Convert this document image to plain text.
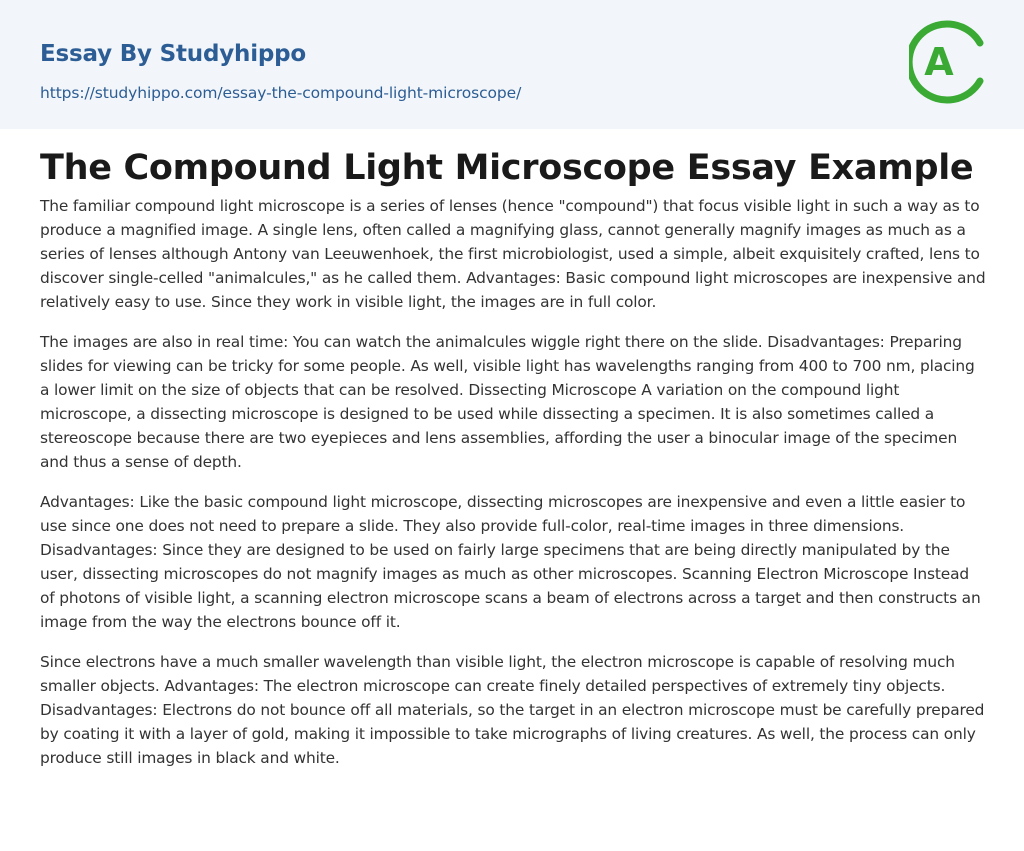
Essay By Studyhippo
https://studyhippo.com/essay-the-compound-light-microscope/
A
The Compound Light Microscope Essay Example

The familiar compound light microscope is a series of lenses (hence "compound") that focus visible light in such a way as to produce a magnified image. A single lens, often called a magnifying glass, cannot generally magnify images as much as a series of lenses although Antony van Leeuwenhoek, the first microbiologist, used a simple, albeit exquisitely crafted, lens to discover single-celled "animalcules," as he called them. Advantages: Basic compound light microscopes are inexpensive and relatively easy to use. Since they work in visible light, the images are in full color.

The images are also in real time: You can watch the animalcules wiggle right there on the slide. Disadvantages: Preparing slides for viewing can be tricky for some people. As well, visible light has wavelengths ranging from 400 to 700 nm, placing a lower limit on the size of objects that can be resolved. Dissecting Microscope A variation on the compound light microscope, a dissecting microscope is designed to be used while dissecting a specimen. It is also sometimes called a stereoscope because there are two eyepieces and lens assemblies, affording the user a binocular image of the specimen and thus a sense of depth.

Advantages: Like the basic compound light microscope, dissecting microscopes are inexpensive and even a little easier to use since one does not need to prepare a slide. They also provide full-color, real-time images in three dimensions. Disadvantages: Since they are designed to be used on fairly large specimens that are being directly manipulated by the user, dissecting microscopes do not magnify images as much as other microscopes. Scanning Electron Microscope Instead of photons of visible light, a scanning electron microscope scans a beam of electrons across a target and then constructs an image from the way the electrons bounce off it.

Since electrons have a much smaller wavelength than visible light, the electron microscope is capable of resolving much smaller objects. Advantages: The electron microscope can create finely detailed perspectives of extremely tiny objects. Disadvantages: Electrons do not bounce off all materials, so the target in an electron microscope must be carefully prepared by coating it with a layer of gold, making it impossible to take micrographs of living creatures. As well, the process can only produce still images in black and white.
